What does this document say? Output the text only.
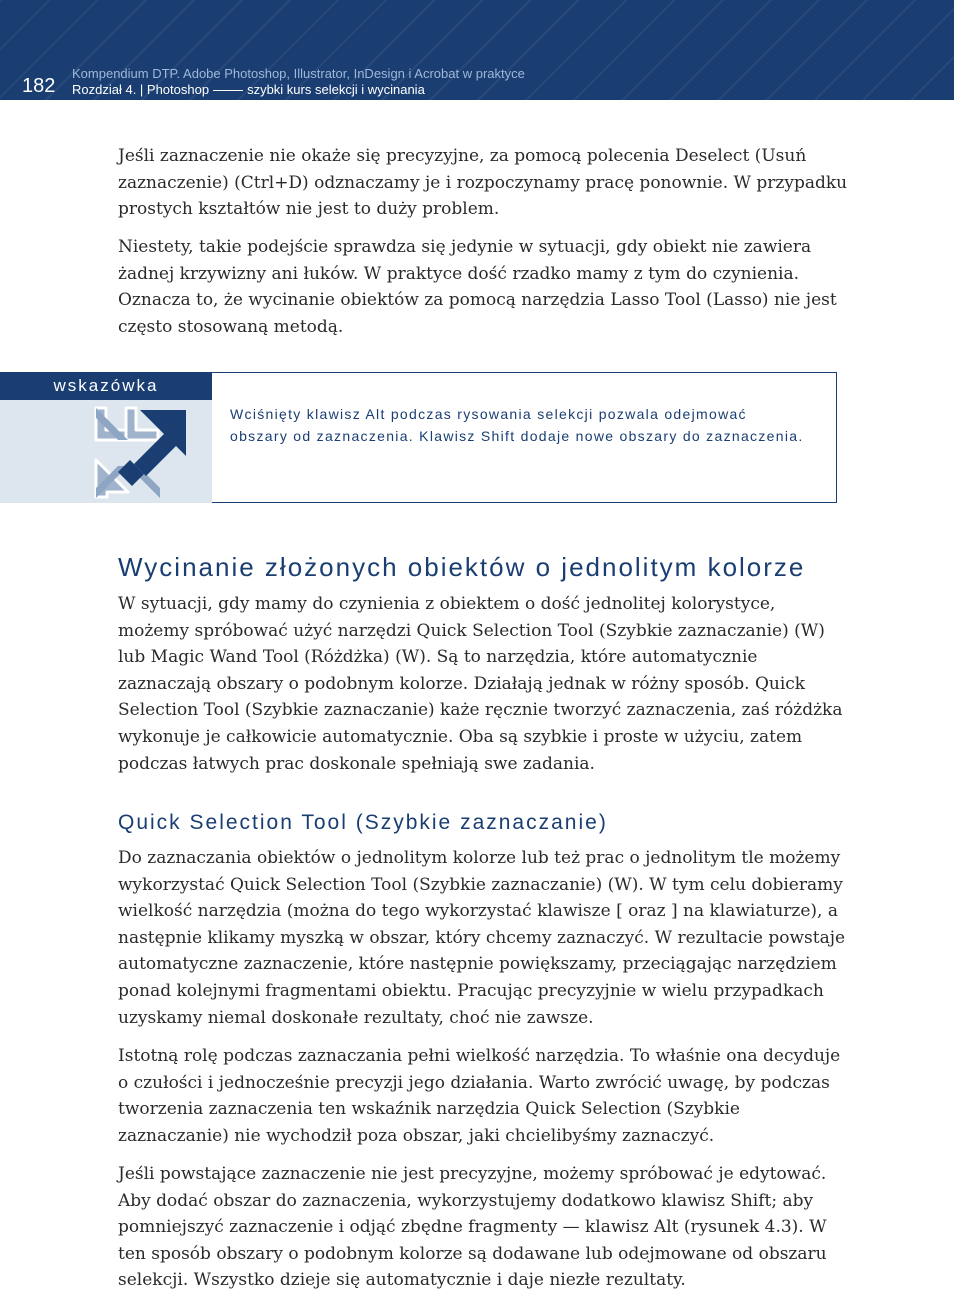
182
Kompendium DTP. Adobe Photoshop, Illustrator, InDesign i Acrobat w praktyce
Rozdział 4. | Photoshop	szybki kurs selekcji i wycinania

Jeśli zaznaczenie nie okaże się precyzyjne, za pomocą polecenia Deselect (Usuń zaznaczenie) (Ctrl+D) odznaczamy je i rozpoczynamy pracę ponownie. W przypadku prostych kształtów nie jest to duży problem.

Niestety, takie podejście sprawdza się jedynie w sytuacji, gdy obiekt nie zawiera żadnej krzywizny ani łuków. W praktyce dość rzadko mamy z tym do czynienia. Oznacza to, że wycinanie obiektów za pomocą narzędzia Lasso Tool (Lasso) nie jest często stosowaną metodą.

wskazówka

Wciśnięty klawisz Alt podczas rysowania selekcji pozwala odejmować obszary od zaznaczenia. Klawisz Shift dodaje nowe obszary do zaznaczenia.

Wycinanie złożonych obiektów o jednolitym kolorze

W sytuacji, gdy mamy do czynienia z obiektem o dość jednolitej kolorystyce, możemy spróbować użyć narzędzi Quick Selection Tool (Szybkie zaznaczanie) (W) lub Magic Wand Tool (Różdżka) (W). Są to narzędzia, które automatycznie zaznaczają obszary o podobnym kolorze. Działają jednak w różny sposób. Quick Selection Tool (Szybkie zaznaczanie) każe ręcznie tworzyć zaznaczenia, zaś różdżka wykonuje je całkowicie automatycznie. Oba są szybkie i proste w użyciu, zatem podczas łatwych prac doskonale spełniają swe zadania.

Quick Selection Tool (Szybkie zaznaczanie)

Do zaznaczania obiektów o jednolitym kolorze lub też prac o jednolitym tle możemy wykorzystać Quick Selection Tool (Szybkie zaznaczanie) (W). W tym celu dobieramy wielkość narzędzia (można do tego wykorzystać klawisze [ oraz ] na klawiaturze), a następnie klikamy myszką w obszar, który chcemy zaznaczyć. W rezultacie powstaje automatyczne zaznaczenie, które następnie powiększamy, przeciągając narzędziem ponad kolejnymi fragmentami obiektu. Pracując precyzyjnie w wielu przypadkach uzyskamy niemal doskonałe rezultaty, choć nie zawsze.

Istotną rolę podczas zaznaczania pełni wielkość narzędzia. To właśnie ona decyduje o czułości i jednocześnie precyzji jego działania. Warto zwrócić uwagę, by podczas tworzenia zaznaczenia ten wskaźnik narzędzia Quick Selection (Szybkie zaznaczanie) nie wychodził poza obszar, jaki chcielibyśmy zaznaczyć.

Jeśli powstające zaznaczenie nie jest precyzyjne, możemy spróbować je edytować. Aby dodać obszar do zaznaczenia, wykorzystujemy dodatkowo klawisz Shift; aby pomniejszyć zaznaczenie i odjąć zbędne fragmenty — klawisz Alt (rysunek 4.3). W ten sposób obszary o podobnym kolorze są dodawane lub odejmowane od obszaru selekcji. Wszystko dzieje się automatycznie i daje niezłe rezultaty.
